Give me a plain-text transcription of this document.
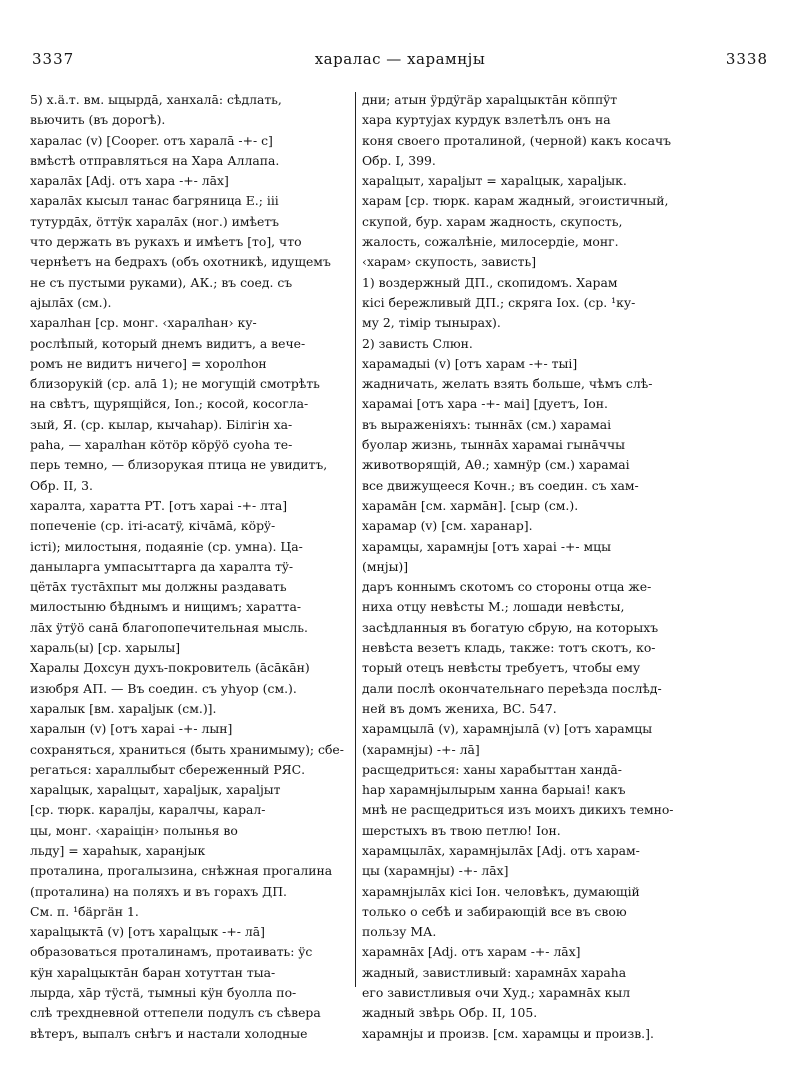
3337	харалас — харамнјы	3338
5) x.ä.т. вм. ыцырдā, ханхалā: сѣдлать,
вьючить (въ дорогѣ).
харалас (v) [Cooper. отъ харалā -+- с]
вмѣстѣ отправляться на Хара Аллапа.
харалāх [Adj. отъ хара -+- лāх]
харалāх кысыл танас багряница Е.; iii
тутурдāх, öттÿк харалāх (ног.) имѣетъ
что держать въ рукахъ и имѣетъ [то], что
чернѣетъ на бедрахъ (объ охотникѣ, идущемъ
не съ пустыми руками), АК.; въ соед. съ
аjылāх (см.).
харалhан [ср. монг. ‹харалhан› ку-
рослѣпый, который днемъ видитъ, а вече-
ромъ не видитъ ничего] = хоролhон
близорукiй (ср. алā 1); не могущiй смотрѣть
на свѣтъ, щурящiйся, Ion.; косой, косогла-
зый, Я. (ср. кылар, кычаhар). Бiлiгiн ха-
раhа, — харалhан кöтöр кöрÿö суоhа те-
перь темно, — близорукая птица не увидитъ,
Обр. II, 3.
харалта, харатта РТ. [отъ харai -+- лта]
попеченiе (ср. iтi-асатÿ, кiчāмā, кöрÿ-
iстi); милостыня, подаянiе (ср. умна). Цa-
даныларга умпасыттарга да харалта тÿ-
цётāх тустāхпыт мы должны раздавать
милостыню бѣднымъ и нищимъ; харатта-
лāх ÿтÿö санā благопопечительная мысль.
хараль(ы) [ср. харылы]
Харалы Дохсун духъ-покровитель (āсāкāн)
изюбря АП. — Въ соедин. съ уhуор (см.).
харалык [вм. хараljык (см.)].
харалын (v) [отъ харai -+- лын]
сохраняться, храниться (быть хранимыму); сбе-
регаться: хараллыбыт сбереженный РЯС.
хараlцык, хараlцыт, хараljык, хараljыт
[ср. тюрк. каралjы, каралчы, карал-
цы, монг. ‹хараiцiн› полынья во
льду] = хараhык, харанjык
проталина, прогалызина, снѣжная прогалина
(проталина) на поляхъ и въ горахъ ДП.
См. п. ¹бäргäн 1.
хараlцыктā (v) [отъ хараlцык -+- лā]
образоваться проталинамъ, протаивать: ÿс
кÿн хараlцыктāн баран хотуттан тыа-
лырда, хāр тÿстä, тымныi кÿн буолла по-
слѣ трехдневной оттепели подулъ съ сѣвера
вѣтеръ, выпалъ снѣгъ и настали холодные
дни; атын ÿрдÿгäр хараlцыктāн кöппÿт
хара куртуjах курдук взлетѣлъ онъ на
коня своего проталиной, (черной) какъ косачъ
Обр. I, 399.
хараlцыт, хараljыт = хараlцык, хараljык.
харам [ср. тюрк. карам жадный, эгоистичный,
скупой, бур. харам жадность, скупость,
жалость, сожалѣнiе, милосердiе, монг.
‹харам› скупость, зависть]
1) воздержный ДП., скопидомъ. Харам
кiсi бережливый ДП.; скряга Iох. (ср. ¹ку-
му 2, тiмiр тыныраx).
2) зависть Слюн.
харамадыi (v) [отъ харам -+- тыi]
жадничать, желать взять больше, чѣмъ слѣ-
харамаi [отъ хара -+- маi] [дуетъ, Iон.
въ выраженiяхъ: тыннāх (см.) харамаi
буолар жизнь, тыннāх харамаi гынāччы
животворящiй, Аθ.; хамнÿр (см.) харамаi
все движущееся Кочн.; въ соедин. съ хам-
харамāн [см. хармāн]. [сыр (см.).
харамар (v) [см. харанар].
харамцы, харамнjы [отъ харai -+- мцы
(мнjы)]
даръ коннымъ скотомъ со стороны отца же-
ниха отцу невѣсты М.; лошади невѣсты,
засѣдланныя въ богатую сбрую, на которыхъ
невѣста везетъ кладь, также: тотъ скотъ, ко-
торый отецъ невѣсты требуетъ, чтобы ему
дали послѣ окончательнаго переѣзда послѣд-
ней въ домъ жениха, ВС. 547.
харамцылā (v), харамнjылā (v) [отъ харамцы
(харамнjы) -+- лā]
расщедриться: ханы харабыттан хандā-
hар харамнjылырым ханна барыаi! какъ
мнѣ не расщедриться изъ моихъ дикихъ темно-
шерстыхъ въ твою петлю! Iон.
харамцылāх, харамнjылāх [Adj. отъ харам-
цы (харамнjы) -+- лāх]
харамнjылāх кiсi Iон. человѣкъ, думающiй
только о себѣ и забирающiй все въ свою
пользу МА.
харамнāх [Adj. отъ харам -+- лāх]
жадный, завистливый: харамнāх хараhа
его завистливыя очи Худ.; харамнāх кыл
жадный звѣрь Обр. II, 105.
харамнjы и произв. [см. харамцы и произв.].
